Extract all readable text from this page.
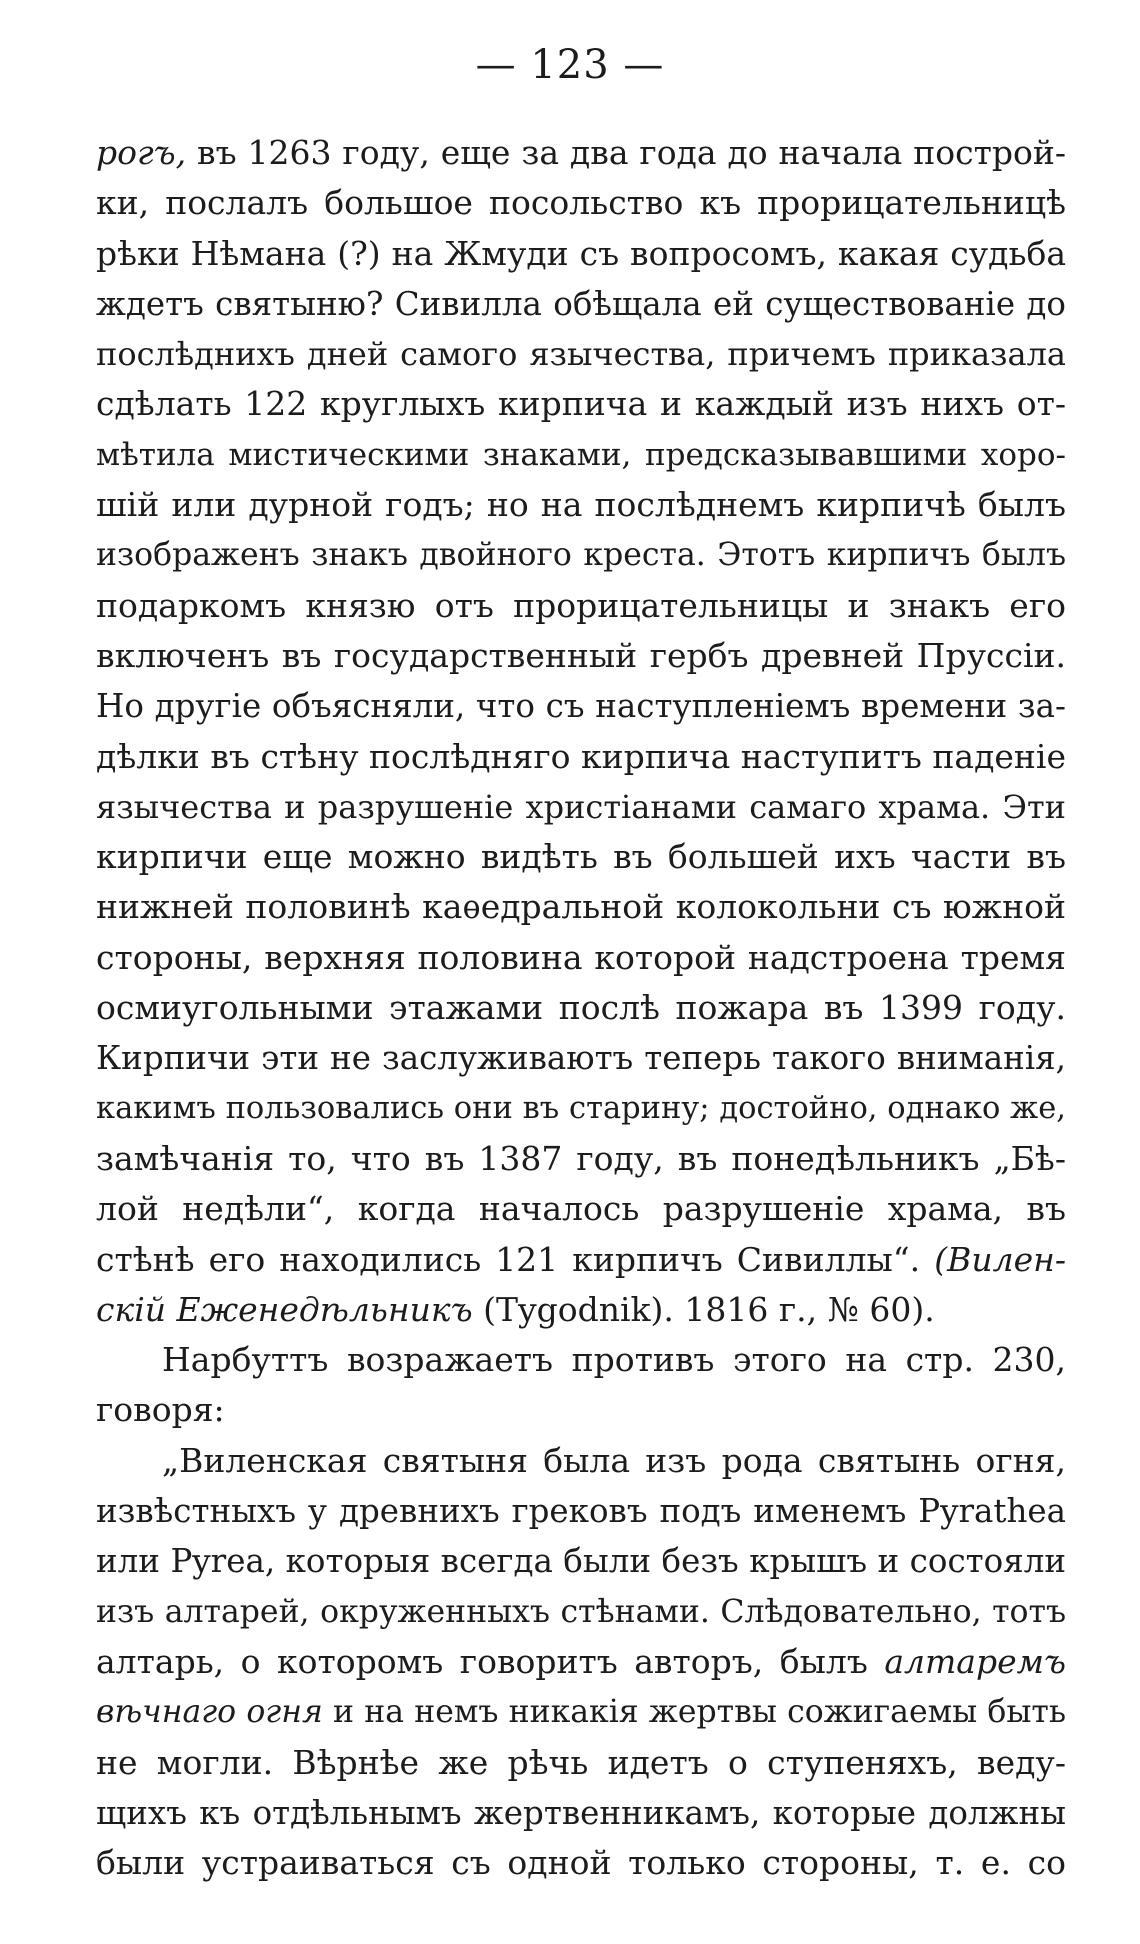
— 123 —
рогъ, въ 1263 году, еще за два года до начала построй-
ки, послалъ большое посольство къ прорицательницѣ
рѣки Нѣмана (?) на Жмуди съ вопросомъ, какая судьба
ждетъ святыню? Сивилла обѣщала ей существованіе до
послѣднихъ дней самого язычества, причемъ приказала
сдѣлать 122 круглыхъ кирпича и каждый изъ нихъ от-
мѣтила мистическими знаками, предсказывавшими хоро-
шій или дурной годъ; но на послѣднемъ кирпичѣ былъ
изображенъ знакъ двойного креста. Этотъ кирпичъ былъ
подаркомъ князю отъ прорицательницы и знакъ его
включенъ въ государственный гербъ древней Пруссіи.
Но другіе объясняли, что съ наступленіемъ времени за-
дѣлки въ стѣну послѣдняго кирпича наступитъ паденіе
язычества и разрушеніе христіанами самаго храма. Эти
кирпичи еще можно видѣть въ большей ихъ части въ
нижней половинѣ каѳедральной колокольни съ южной
стороны, верхняя половина которой надстроена тремя
осмиугольными этажами послѣ пожара въ 1399 году.
Кирпичи эти не заслуживаютъ теперь такого вниманія,
какимъ пользовались они въ старину; достойно, однако же,
замѣчанія то, что въ 1387 году, въ понедѣльникъ „Бѣ-
лой недѣли“, когда началось разрушеніе храма, въ
стѣнѣ его находились 121 кирпичъ Сивиллы“. (Вилен-
скій Еженедѣльникъ (Tygodnik). 1816 г., № 60).
Нарбуттъ возражаетъ противъ этого на стр. 230,
говоря:
„Виленская святыня была изъ рода святынь огня,
извѣстныхъ у древнихъ грековъ подъ именемъ Pyrathea
или Pyrea, которыя всегда были безъ крышъ и состояли
изъ алтарей, окруженныхъ стѣнами. Слѣдовательно, тотъ
алтарь, о которомъ говоритъ авторъ, былъ алтаремъ
вѣчнаго огня и на немъ никакія жертвы сожигаемы быть
не могли. Вѣрнѣе же рѣчь идетъ о ступеняхъ, веду-
щихъ къ отдѣльнымъ жертвенникамъ, которые должны
были устраиваться съ одной только стороны, т. е. со
